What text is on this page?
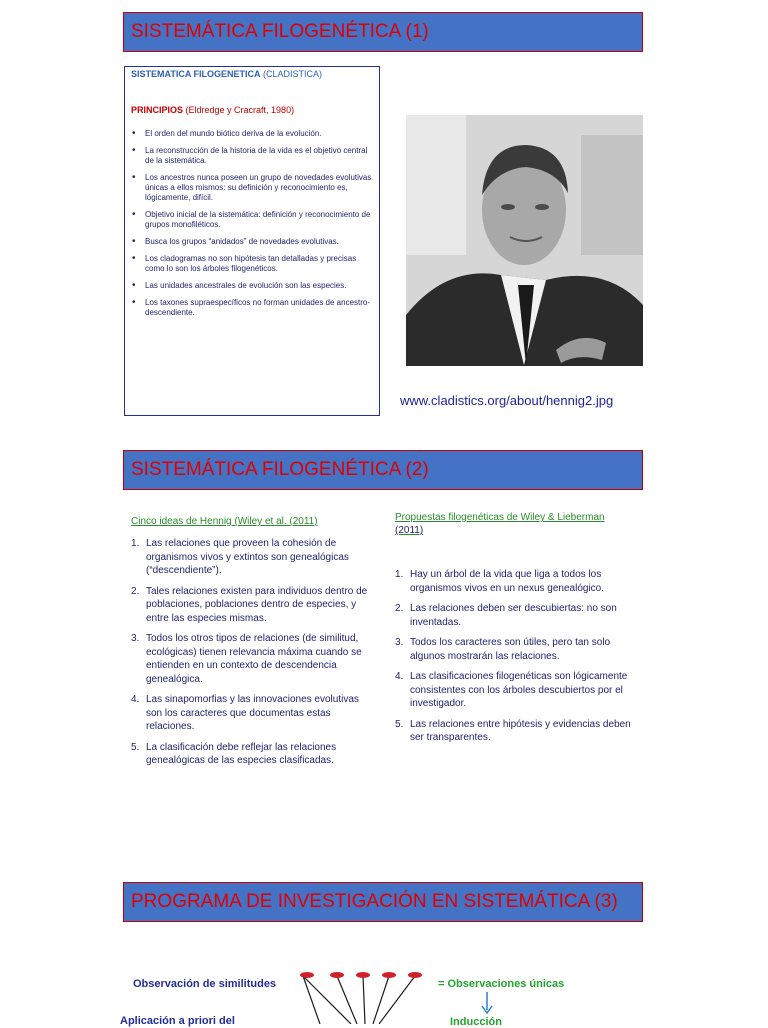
SISTEMÁTICA FILOGENÉTICA (1)
SISTEMATICA FILOGENETICA (CLADISTICA)
PRINCIPIOS (Eldredge y Cracraft, 1980)
• El orden del mundo biótico deriva de la evolución.
• La reconstrucción de la historia de la vida es el objetivo central de la sistemática.
• Los ancestros nunca poseen un grupo de novedades evolutivas únicas a ellos mismos: su definición y reconocimiento es, lógicamente, difícil.
• Objetivo inicial de la sistemática: definición y reconocimiento de grupos monofiléticos.
• Busca los grupos “anidados” de novedades evolutivas.
• Los cladogramas no son hipótesis tan detalladas y precisas como lo son los árboles filogenéticos.
• Las unidades ancestrales de evolución son las especies.
• Los taxones supraespecíficos no forman unidades de ancestro-descendiente.
www.cladistics.org/about/hennig2.jpg
SISTEMÁTICA FILOGENÉTICA (2)
Cinco ideas de Hennig (Wiley et al. (2011)	Propuestas filogenéticas de Wiley & Lieberman (2011)
1. Las relaciones que proveen la cohesión de organismos vivos y extintos son genealógicas (“descendiente”).
2. Tales relaciones existen para individuos dentro de poblaciones, poblaciones dentro de especies, y entre las especies mismas.
3. Todos los otros tipos de relaciones (de similitud, ecológicas) tienen relevancia máxima cuando se entienden en un contexto de descendencia genealógica.
4. Las sinapomorfias y las innovaciones evolutivas son los caracteres que documentas estas relaciones.
5. La clasificación debe reflejar las relaciones genealógicas de las especies clasificadas.
1. Hay un árbol de la vida que liga a todos los organismos vivos en un nexus genealógico.
2. Las relaciones deben ser descubiertas: no son inventadas.
3. Todos los caracteres son útiles, pero tan solo algunos mostrarán las relaciones.
4. Las clasificaciones filogenéticas son lógicamente consistentes con los árboles descubiertos por el investigador.
5. Las relaciones entre hipótesis y evidencias deben ser transparentes.
PROGRAMA DE INVESTIGACIÓN EN SISTEMÁTICA (3)
Observación de similitudes
Aplicación a priori del
= Observaciones únicas
Inducción
